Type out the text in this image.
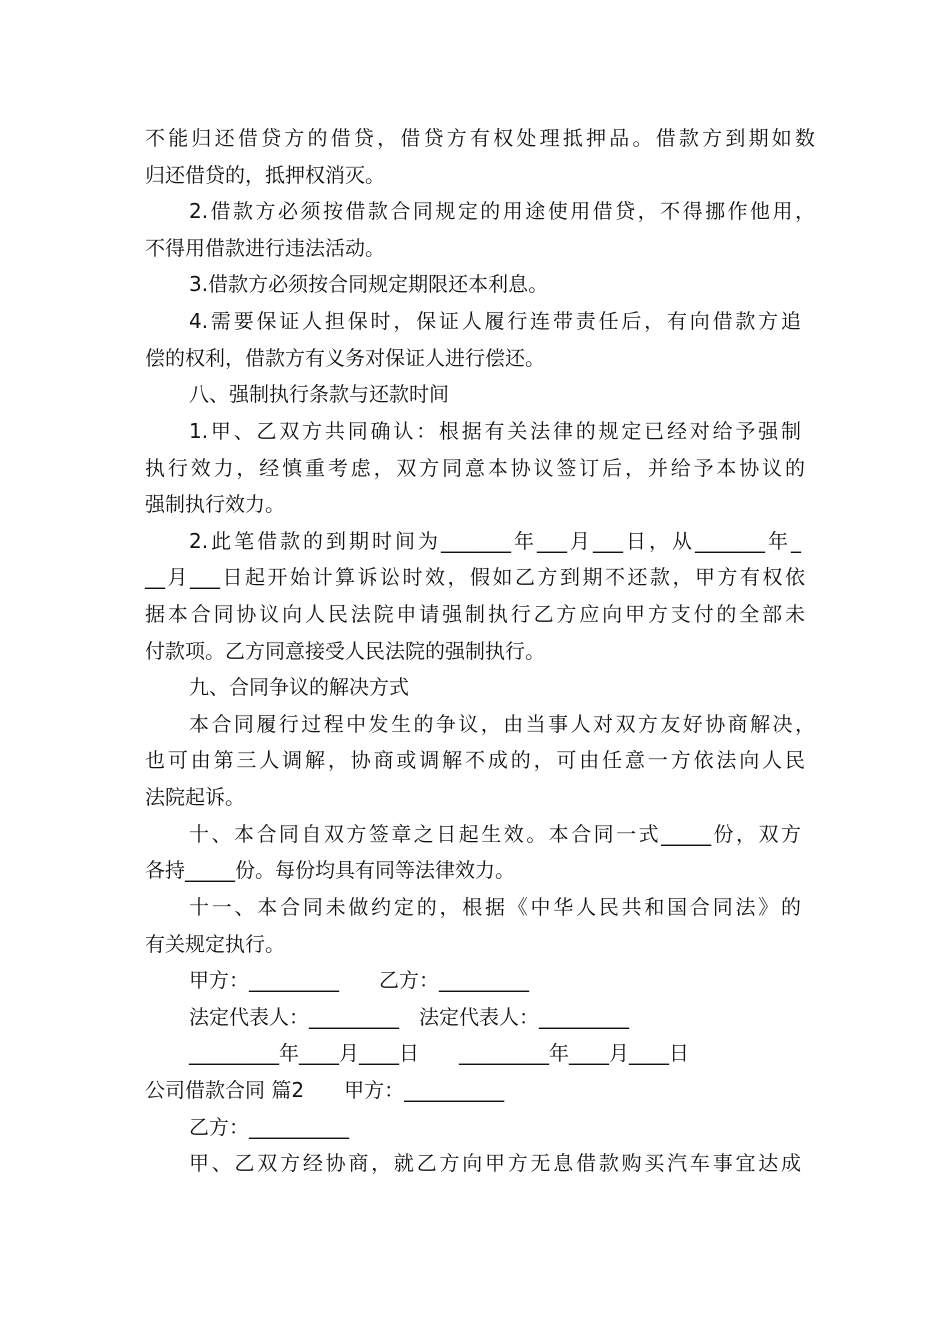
不能归还借贷方的借贷，借贷方有权处理抵押品。借款方到期如数
归还借贷的，抵押权消灭。
2.借款方必须按借款合同规定的用途使用借贷，不得挪作他用，
不得用借款进行违法活动。
3.借款方必须按合同规定期限还本利息。
4.需要保证人担保时，保证人履行连带责任后，有向借款方追
偿的权利，借款方有义务对保证人进行偿还。
八、强制执行条款与还款时间
1.甲、乙双方共同确认：根据有关法律的规定已经对给予强制
执行效力，经慎重考虑，双方同意本协议签订后，并给予本协议的
强制执行效力。
2.此笔借款的到期时间为_______年___月___日，从_______年_
__月___日起开始计算诉讼时效，假如乙方到期不还款，甲方有权依
据本合同协议向人民法院申请强制执行乙方应向甲方支付的全部未
付款项。乙方同意接受人民法院的强制执行。
九、合同争议的解决方式
本合同履行过程中发生的争议，由当事人对双方友好协商解决，
也可由第三人调解，协商或调解不成的，可由任意一方依法向人民
法院起诉。
十、本合同自双方签章之日起生效。本合同一式_____份，双方
各持_____份。每份均具有同等法律效力。
十一、本合同未做约定的，根据《中华人民共和国合同法》的
有关规定执行。
甲方：_________　　乙方：_________
法定代表人：_________　法定代表人：_________
_________年____月____日　　_________年____月____日
公司借款合同 篇2　　甲方：__________
乙方：__________
甲、乙双方经协商，就乙方向甲方无息借款购买汽车事宜达成
